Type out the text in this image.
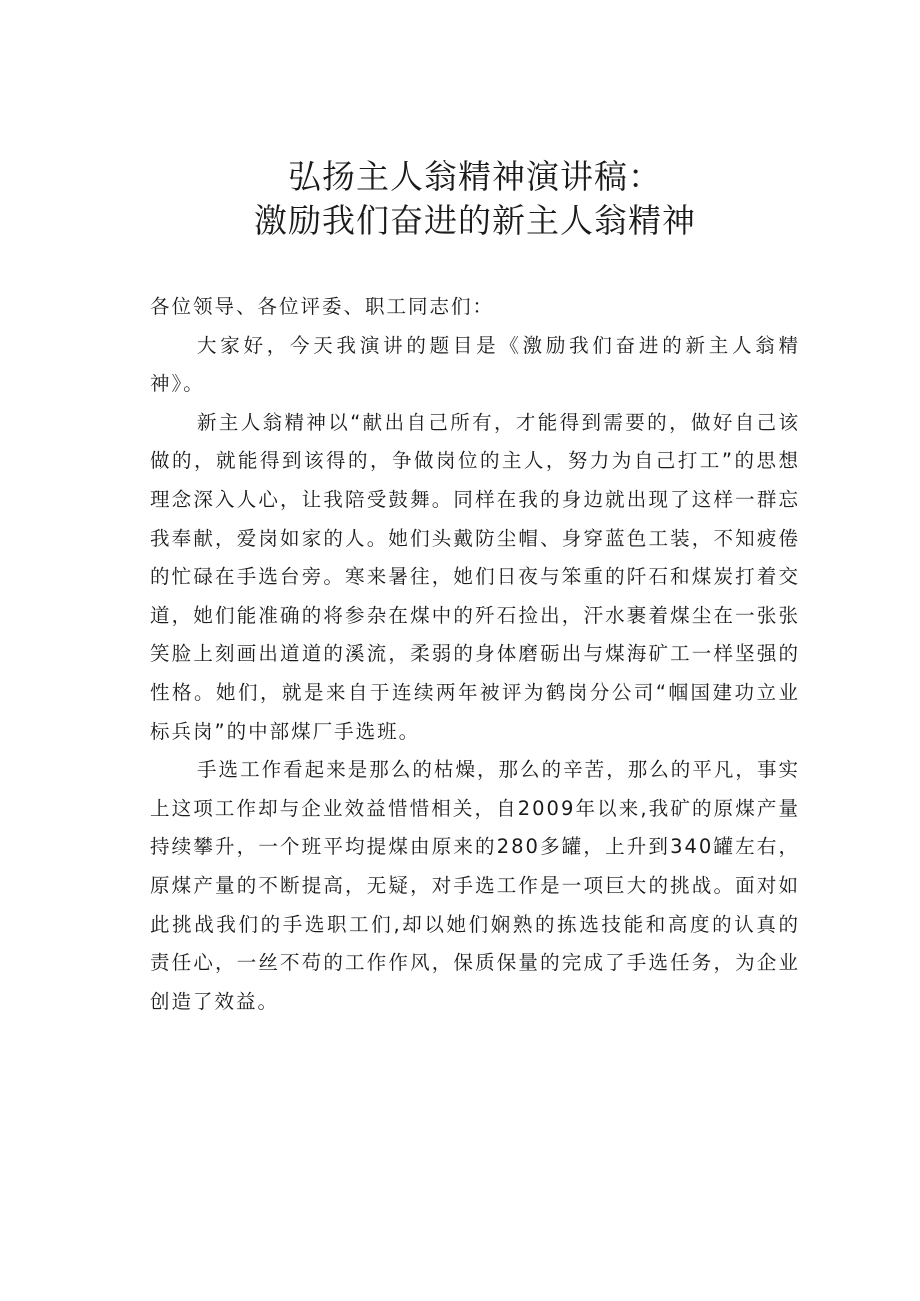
弘扬主人翁精神演讲稿：
激励我们奋进的新主人翁精神

各位领导、各位评委、职工同志们：

大家好，今天我演讲的题目是《激励我们奋进的新主人翁精神》。

新主人翁精神以“献出自己所有，才能得到需要的，做好自己该做的，就能得到该得的，争做岗位的主人，努力为自己打工”的思想理念深入人心，让我陪受鼓舞。同样在我的身边就出现了这样一群忘我奉献，爱岗如家的人。她们头戴防尘帽、身穿蓝色工装，不知疲倦的忙碌在手选台旁。寒来暑往，她们日夜与笨重的阡石和煤炭打着交道，她们能准确的将参杂在煤中的歼石捡出，汗水裹着煤尘在一张张笑脸上刻画出道道的溪流，柔弱的身体磨砺出与煤海矿工一样坚强的性格。她们，就是来自于连续两年被评为鹤岗分公司“帼国建功立业标兵岗”的中部煤厂手选班。

手选工作看起来是那么的枯燥，那么的辛苦，那么的平凡，事实上这项工作却与企业效益惜惜相关，自2009年以来,我矿的原煤产量持续攀升，一个班平均提煤由原来的280多罐，上升到340罐左右，原煤产量的不断提高，无疑，对手选工作是一项巨大的挑战。面对如此挑战我们的手选职工们,却以她们娴熟的拣选技能和高度的认真的责任心，一丝不苟的工作作风，保质保量的完成了手选任务，为企业创造了效益。
